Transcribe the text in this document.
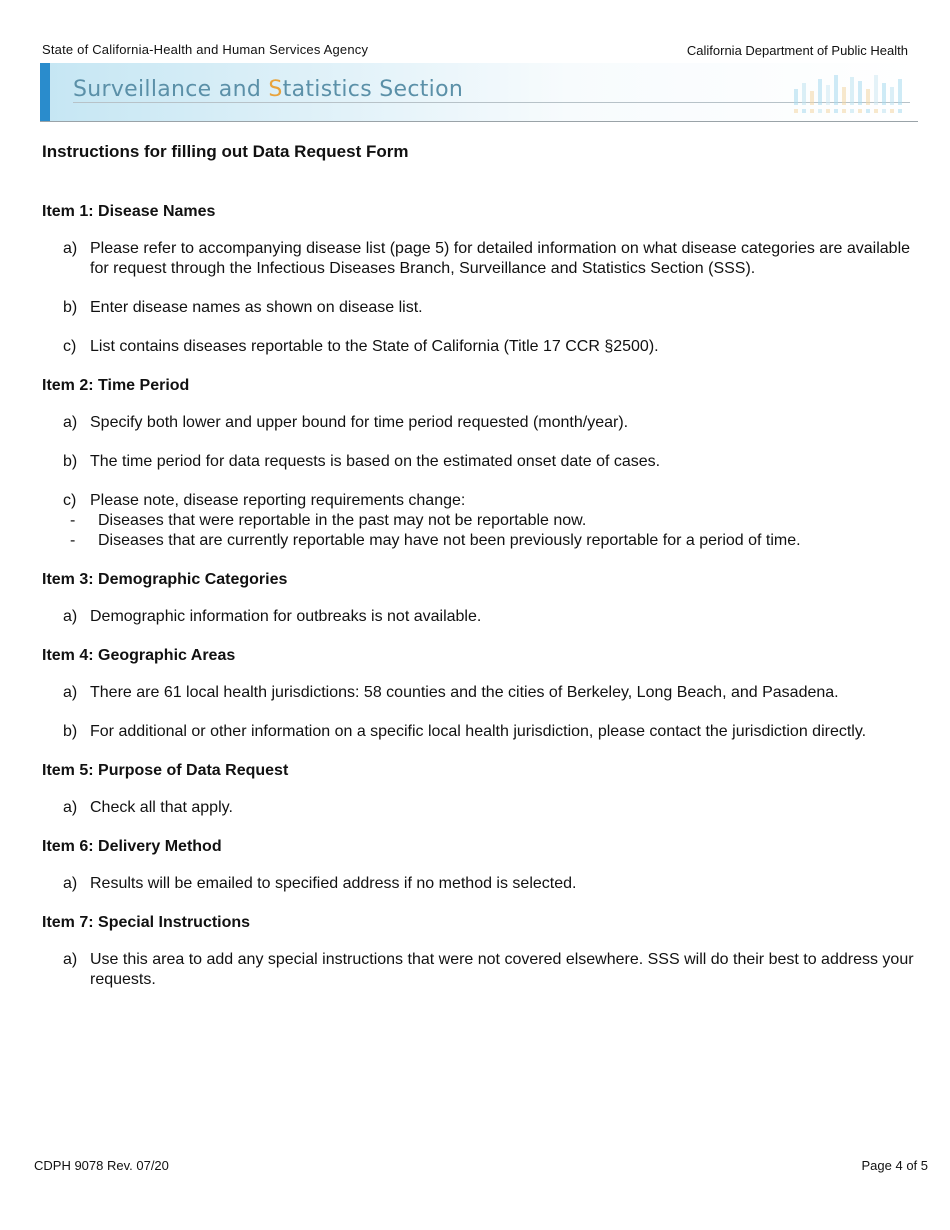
State of California-Health and Human Services Agency	California Department of Public Health
Surveillance and Statistics Section
Instructions for filling out Data Request Form
Item 1: Disease Names
a) Please refer to accompanying disease list (page 5) for detailed information on what disease categories are available for request through the Infectious Diseases Branch, Surveillance and Statistics Section (SSS).
b) Enter disease names as shown on disease list.
c) List contains diseases reportable to the State of California (Title 17 CCR §2500).
Item 2: Time Period
a) Specify both lower and upper bound for time period requested (month/year).
b) The time period for data requests is based on the estimated onset date of cases.
c) Please note, disease reporting requirements change:
- Diseases that were reportable in the past may not be reportable now.
- Diseases that are currently reportable may have not been previously reportable for a period of time.
Item 3: Demographic Categories
a) Demographic information for outbreaks is not available.
Item 4: Geographic Areas
a) There are 61 local health jurisdictions: 58 counties and the cities of Berkeley, Long Beach, and Pasadena.
b) For additional or other information on a specific local health jurisdiction, please contact the jurisdiction directly.
Item 5: Purpose of Data Request
a) Check all that apply.
Item 6: Delivery Method
a) Results will be emailed to specified address if no method is selected.
Item 7: Special Instructions
a) Use this area to add any special instructions that were not covered elsewhere. SSS will do their best to address your requests.
CDPH 9078 Rev. 07/20	Page 4 of 5
